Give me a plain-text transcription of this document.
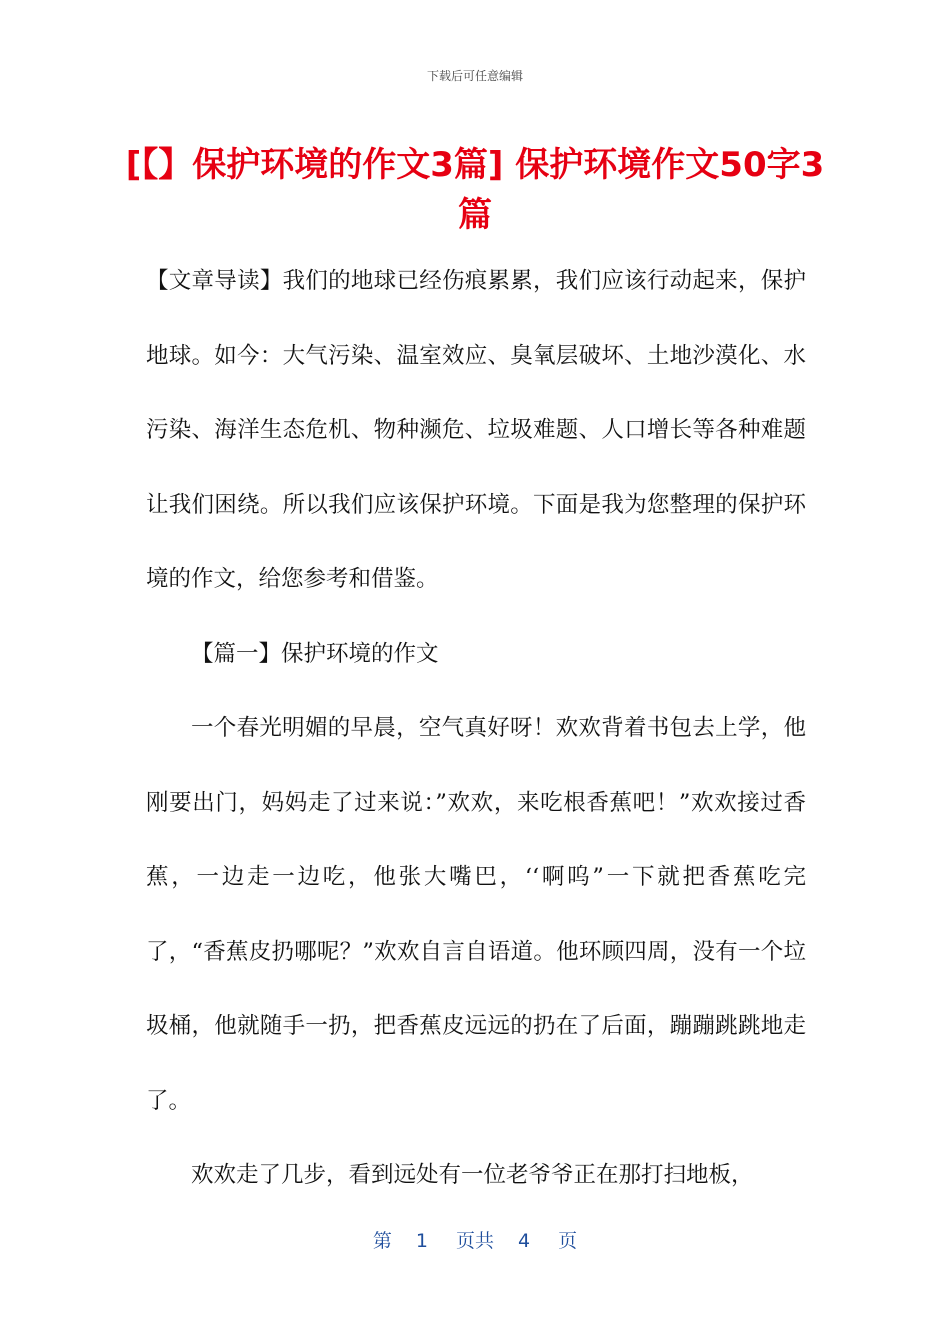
下载后可任意编辑
[【】保护环境的作文3篇] 保护环境作文50字3篇

【文章导读】我们的地球已经伤痕累累，我们应该行动起来，保护地球。如今：大气污染、温室效应、臭氧层破坏、土地沙漠化、水污染、海洋生态危机、物种濒危、垃圾难题、人口增长等各种难题让我们困绕。所以我们应该保护环境。下面是我为您整理的保护环境的作文，给您参考和借鉴。

【篇一】保护环境的作文

一个春光明媚的早晨，空气真好呀！欢欢背着书包去上学，他刚要出门，妈妈走了过来说：”欢欢，来吃根香蕉吧！”欢欢接过香蕉，一边走一边吃，他张大嘴巴，‘‘啊呜”一下就把香蕉吃完了，“香蕉皮扔哪呢？”欢欢自言自语道。他环顾四周，没有一个垃圾桶，他就随手一扔，把香蕉皮远远的扔在了后面，蹦蹦跳跳地走了。

欢欢走了几步，看到远处有一位老爷爷正在那打扫地板，

第 1 页共 4 页
